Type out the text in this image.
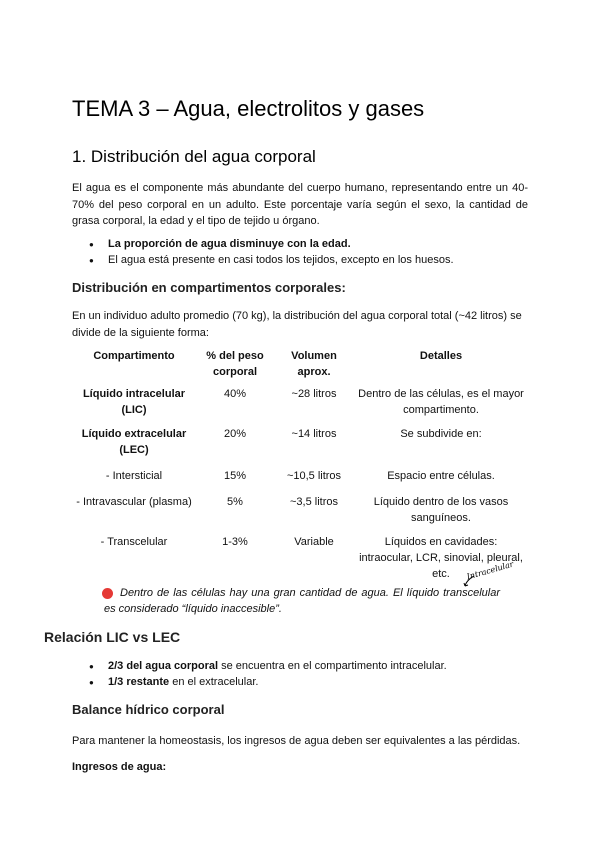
TEMA 3 – Agua, electrolitos y gases
1. Distribución del agua corporal

El agua es el componente más abundante del cuerpo humano, representando entre un 40-70% del peso corporal en un adulto. Este porcentaje varía según el sexo, la cantidad de grasa corporal, la edad y el tipo de tejido u órgano.

● La proporción de agua disminuye con la edad.
● El agua está presente en casi todos los tejidos, excepto en los huesos.
Distribución en compartimentos corporales:

En un individuo adulto promedio (70 kg), la distribución del agua corporal total (~42 litros) se divide de la siguiente forma:

Compartimento	% del peso corporal	Volumen aprox.	Detalles
Líquido intracelular (LIC)	40%	~28 litros	Dentro de las células, es el mayor compartimento.
Líquido extracelular (LEC)	20%	~14 litros	Se subdivide en:
- Intersticial	15%	~10,5 litros	Espacio entre células.
- Intravascular (plasma)	5%	~3,5 litros	Líquido dentro de los vasos sanguíneos.
- Transcelular	1-3%	Variable	Líquidos en cavidades: intraocular, LCR, sinovial, pleural, etc. Intracelular

Dentro de las células hay una gran cantidad de agua. El líquido transcelular es considerado “líquido inaccesible”.

Relación LIC vs LEC
● 2/3 del agua corporal se encuentra en el compartimento intracelular.
● 1/3 restante en el extracelular.
Balance hídrico corporal

Para mantener la homeostasis, los ingresos de agua deben ser equivalentes a las pérdidas.

Ingresos de agua:
